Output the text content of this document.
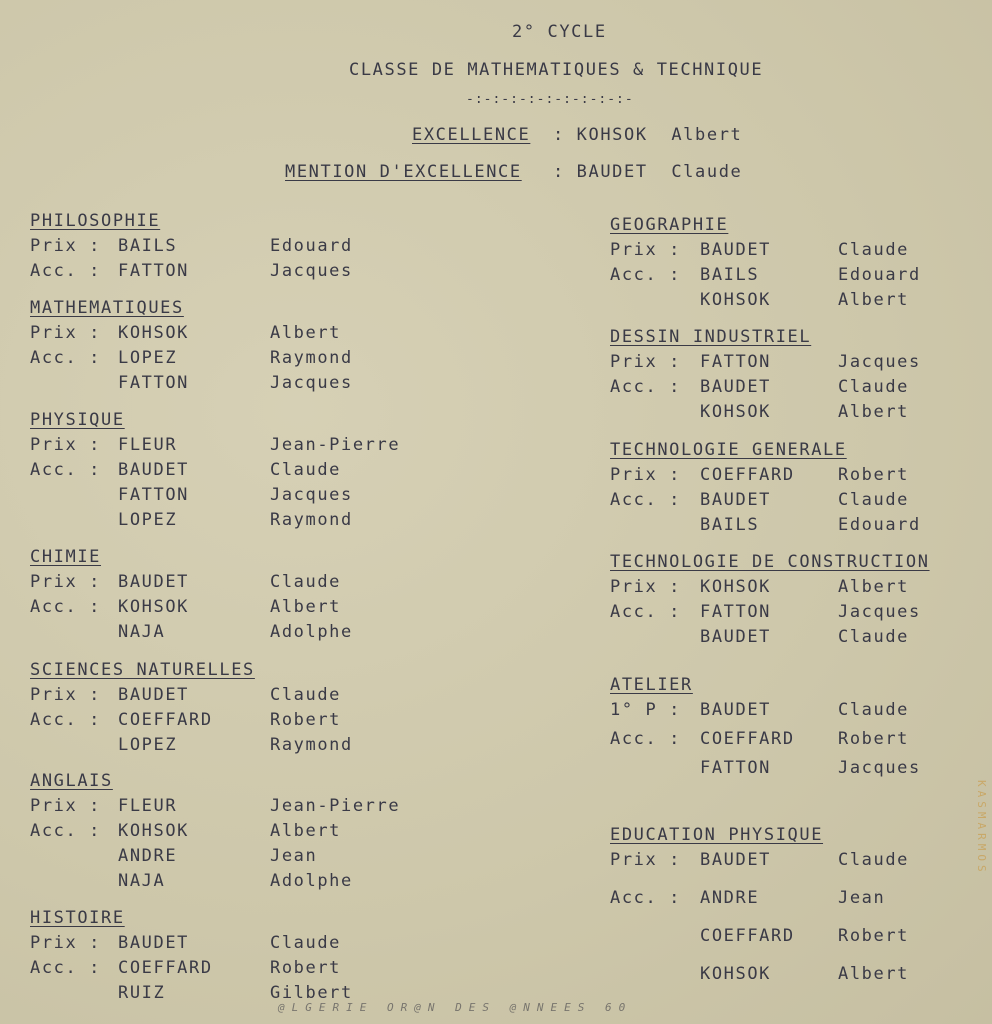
2° CYCLE
CLASSE DE MATHEMATIQUES & TECHNIQUE
-:-:-:-:-:-:-:-:-:-
EXCELLENCE : KOHSOK  Albert
MENTION D'EXCELLENCE : BAUDET  Claude
PHILOSOPHIE
Prix : BAILS	Edouard
Acc. : FATTON	Jacques
MATHEMATIQUES
Prix : KOHSOK	Albert
Acc. : LOPEZ	Raymond
FATTON	Jacques
PHYSIQUE
Prix : FLEUR	Jean-Pierre
Acc. : BAUDET	Claude
FATTON	Jacques
LOPEZ	Raymond
CHIMIE
Prix : BAUDET	Claude
Acc. : KOHSOK	Albert
NAJA	Adolphe
SCIENCES NATURELLES
Prix : BAUDET	Claude
Acc. : COEFFARD	Robert
LOPEZ	Raymond
ANGLAIS
Prix : FLEUR	Jean-Pierre
Acc. : KOHSOK	Albert
ANDRE	Jean
NAJA	Adolphe
HISTOIRE
Prix : BAUDET	Claude
Acc. : COEFFARD	Robert
RUIZ	Gilbert
GEOGRAPHIE
Prix : BAUDET	Claude
Acc. : BAILS	Edouard
KOHSOK	Albert
DESSIN INDUSTRIEL
Prix : FATTON	Jacques
Acc. : BAUDET	Claude
KOHSOK	Albert
TECHNOLOGIE GENERALE
Prix : COEFFARD	Robert
Acc. : BAUDET	Claude
BAILS	Edouard
TECHNOLOGIE DE CONSTRUCTION
Prix : KOHSOK	Albert
Acc. : FATTON	Jacques
BAUDET	Claude
ATELIER
1° P : BAUDET	Claude
Acc. : COEFFARD	Robert
FATTON	Jacques
EDUCATION PHYSIQUE
Prix : BAUDET	Claude
Acc. : ANDRE	Jean
COEFFARD	Robert
KOHSOK	Albert
@LGERIE OR@N DES @NNEES 60
KASMARMOS
